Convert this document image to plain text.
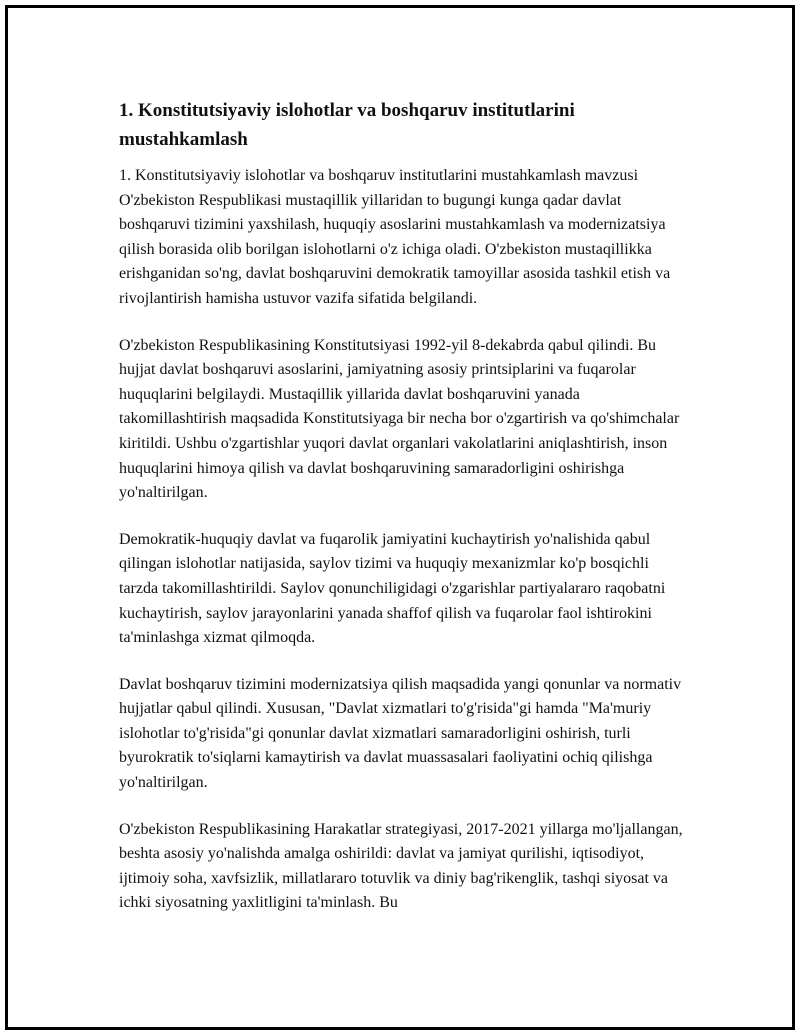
1. Konstitutsiyaviy islohotlar va boshqaruv institutlarini mustahkamlash

1. Konstitutsiyaviy islohotlar va boshqaruv institutlarini mustahkamlash mavzusi O'zbekiston Respublikasi mustaqillik yillaridan to bugungi kunga qadar davlat boshqaruvi tizimini yaxshilash, huquqiy asoslarini mustahkamlash va modernizatsiya qilish borasida olib borilgan islohotlarni o'z ichiga oladi. O'zbekiston mustaqillikka erishganidan so'ng, davlat boshqaruvini demokratik tamoyillar asosida tashkil etish va rivojlantirish hamisha ustuvor vazifa sifatida belgilandi.

O'zbekiston Respublikasining Konstitutsiyasi 1992-yil 8-dekabrda qabul qilindi. Bu hujjat davlat boshqaruvi asoslarini, jamiyatning asosiy printsiplarini va fuqarolar huquqlarini belgilaydi. Mustaqillik yillarida davlat boshqaruvini yanada takomillashtirish maqsadida Konstitutsiyaga bir necha bor o'zgartirish va qo'shimchalar kiritildi. Ushbu o'zgartishlar yuqori davlat organlari vakolatlarini aniqlashtirish, inson huquqlarini himoya qilish va davlat boshqaruvining samaradorligini oshirishga yo'naltirilgan.

Demokratik-huquqiy davlat va fuqarolik jamiyatini kuchaytirish yo'nalishida qabul qilingan islohotlar natijasida, saylov tizimi va huquqiy mexanizmlar ko'p bosqichli tarzda takomillashtirildi. Saylov qonunchiligidagi o'zgarishlar partiyalararo raqobatni kuchaytirish, saylov jarayonlarini yanada shaffof qilish va fuqarolar faol ishtirokini ta'minlashga xizmat qilmoqda.

Davlat boshqaruv tizimini modernizatsiya qilish maqsadida yangi qonunlar va normativ hujjatlar qabul qilindi. Xususan, "Davlat xizmatlari to'g'risida"gi hamda "Ma'muriy islohotlar to'g'risida"gi qonunlar davlat xizmatlari samaradorligini oshirish, turli byurokratik to'siqlarni kamaytirish va davlat muassasalari faoliyatini ochiq qilishga yo'naltirilgan.

O'zbekiston Respublikasining Harakatlar strategiyasi, 2017-2021 yillarga mo'ljallangan, beshta asosiy yo'nalishda amalga oshirildi: davlat va jamiyat qurilishi, iqtisodiyot, ijtimoiy soha, xavfsizlik, millatlararo totuvlik va diniy bag'rikenglik, tashqi siyosat va ichki siyosatning yaxlitligini ta'minlash. Bu
